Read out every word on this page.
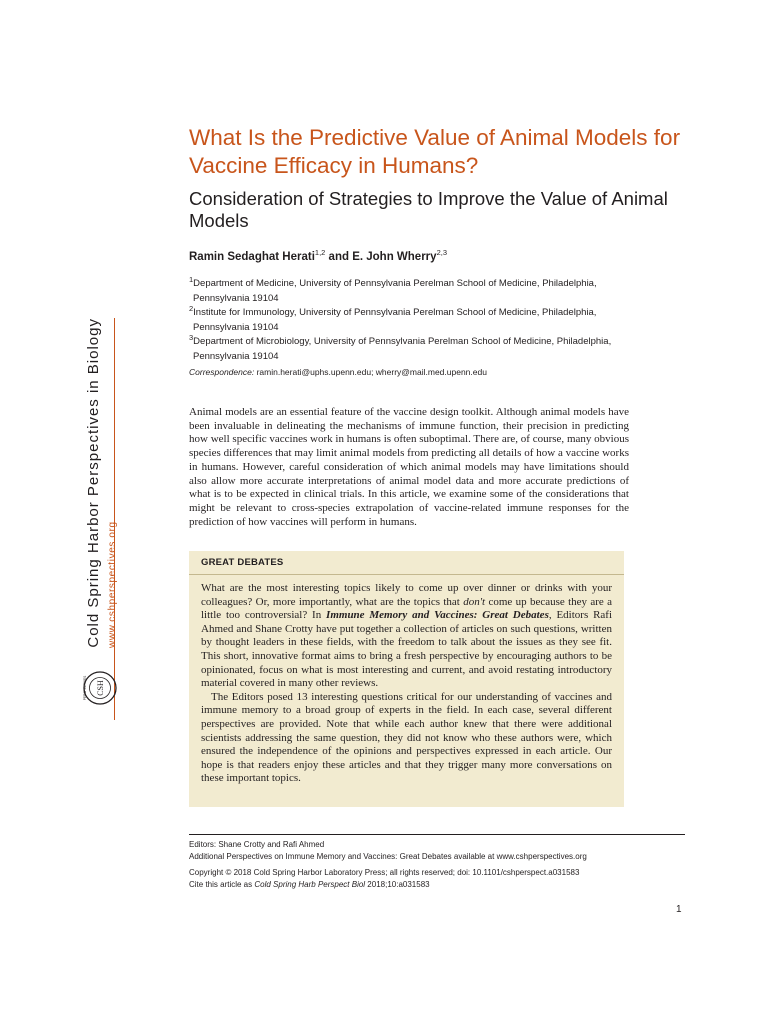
What Is the Predictive Value of Animal Models for Vaccine Efficacy in Humans?
Consideration of Strategies to Improve the Value of Animal Models
Ramin Sedaghat Herati$^{1,2}$ and E. John Wherry$^{2,3}$
$^1$Department of Medicine, University of Pennsylvania Perelman School of Medicine, Philadelphia,
Pennsylvania 19104
$^2$Institute for Immunology, University of Pennsylvania Perelman School of Medicine, Philadelphia,
Pennsylvania 19104
$^3$Department of Microbiology, University of Pennsylvania Perelman School of Medicine, Philadelphia,
Pennsylvania 19104
Correspondence: ramin.herati@uphs.upenn.edu; wherry@mail.med.upenn.edu

Animal models are an essential feature of the vaccine design toolkit. Although animal models have been invaluable in delineating the mechanisms of immune function, their precision in predicting how well specific vaccines work in humans is often suboptimal. There are, of course, many obvious species differences that may limit animal models from predicting all details of how a vaccine works in humans. However, careful consideration of which animal models may have limitations should also allow more accurate interpretations of animal model data and more accurate predictions of what is to be expected in clinical trials. In this article, we examine some of the considerations that might be relevant to cross-species extrapolation of vaccine-related immune responses for the prediction of how vaccines will perform in humans.

GREAT DEBATES

What are the most interesting topics likely to come up over dinner or drinks with your colleagues? Or, more importantly, what are the topics that don't come up because they are a little too controversial? In Immune Memory and Vaccines: Great Debates, Editors Rafi Ahmed and Shane Crotty have put together a collection of articles on such questions, written by thought leaders in these fields, with the freedom to talk about the issues as they see fit. This short, innovative format aims to bring a fresh perspective by encouraging authors to be opinionated, focus on what is most interesting and current, and avoid restating introductory material covered in many other reviews.

The Editors posed 13 interesting questions critical for our understanding of vaccines and immune memory to a broad group of experts in the field. In each case, several different perspectives are provided. Note that while each author knew that there were additional scientists addressing the same question, they did not know who these authors were, which ensured the independence of the opinions and perspectives expressed in each article. Our hope is that readers enjoy these articles and that they trigger many more conversations on these important topics.

Editors: Shane Crotty and Rafi Ahmed
Additional Perspectives on Immune Memory and Vaccines: Great Debates available at www.cshperspectives.org
Copyright © 2018 Cold Spring Harbor Laboratory Press; all rights reserved; doi: 10.1101/cshperspect.a031583
Cite this article as Cold Spring Harb Perspect Biol 2018;10:a031583
1
Cold Spring Harbor Perspectives in Biology www.cshperspectives.org
CSH
PERSPECTIVES
